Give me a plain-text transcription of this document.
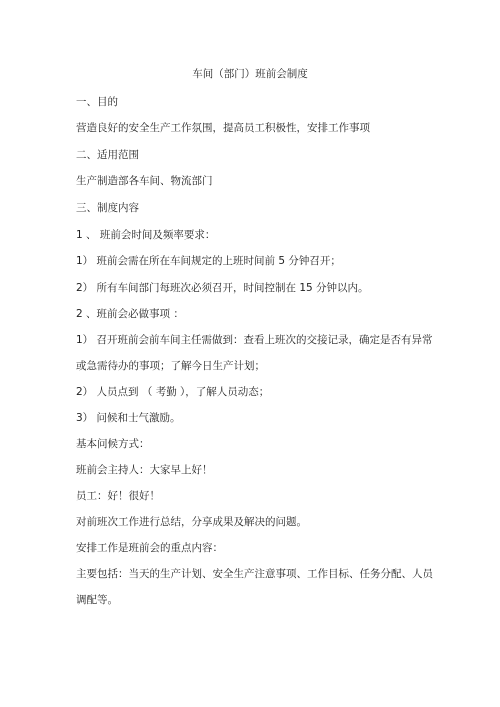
车间（部门）班前会制度
一、目的
营造良好的安全生产工作氛围，提高员工积极性，安排工作事项
二、适用范围
生产制造部各车间、物流部门
三、制度内容
1 、 班前会时间及频率要求：
1） 班前会需在所在车间规定的上班时间前 5 分钟召开；
2） 所有车间部门每班次必须召开，时间控制在 15 分钟以内。
2 、班前会必做事项 ：
1） 召开班前会前车间主任需做到：查看上班次的交接记录，确定是否有异常
或急需待办的事项；了解今日生产计划；
2） 人员点到 （ 考勤 ），了解人员动态；
3） 问候和士气激励。
基本问候方式：
班前会主持人：大家早上好！
员工：好！很好！
对前班次工作进行总结，分享成果及解决的问题。
安排工作是班前会的重点内容：
主要包括：当天的生产计划、安全生产注意事项、工作目标、任务分配、人员
调配等。
